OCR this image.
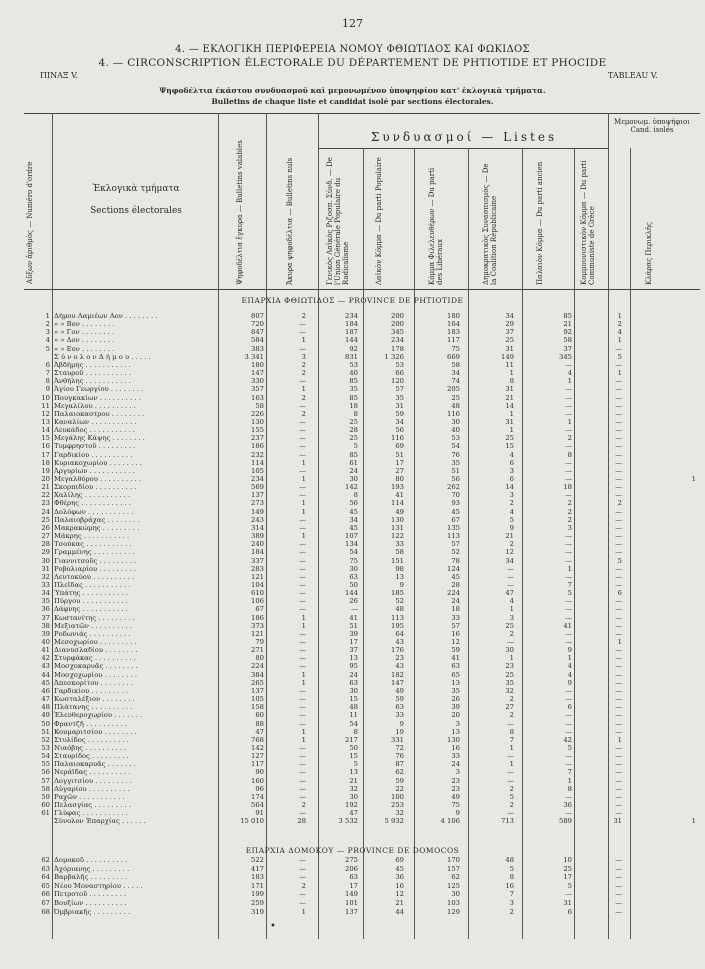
127
4. — ΕΚΛΟΓΙΚΗ ΠΕΡΙΦΕΡΕΙΑ ΝΟΜΟΥ ΦΘΙΩΤΙΔΟΣ ΚΑΙ ΦΩΚΙΔΟΣ
4. — CIRCONSCRIPTION ÉLECTORALE DU DÉPARTEMENT DE PHTIOTIDE ET PHOCIDE
ΠΙΝΑΞ V.	TABLEAU V.
Ψηφοδέλτια έκάστου συνδυασμοῦ καὶ μεμονωμένου ὑποψηφίου κατ' ἐκλογικὰ τμήματα.
Bulletins de chaque liste et candidat isolé par sections électorales.
Αὔξων ἀριθμὸς — Numéro d'ordre	Ἐκλογικὰ τμήματα
Sections électorales	Ψηφοδέλτια ἔγκυρα — Bulletins valables	Ἄκυρα ψηφοδέλτια — Bulletins nuls
Συνδυασμοί — Listes
Μεμονωμ. ὑποψήφιοι Cand. isolés
Γενικὸς Λαϊκὸς Ριζοσπ. Σύνδ. — De l'Union Générale Populaire du Radicalisme	Λαϊκὸν Κόμμα — Du parti Populaire	Κόμμα Φιλελευθέρων — Du parti des Libéraux	Δημοκρατικὸς Συνασπισμὸς — De la Coalition Républicaine	Παλαιὸν Κόμμα — Du parti ancien	Κομμουνιστικὸν Κόμμα — Du parti Communiste de Grèce	Κλάρας Περικλῆς
ΕΠΑΡΧΙΑ ΦΘΙΩΤΙΔΟΣ — PROVINCE DE PHTIOTIDE
1 Δήμου Λαμιέων Αον . . . . . . . .	807	2	234	200	180	34	85	1
2 » » Βον . . . . . . . .	720	—	184	200	164	29	21	2
3 » » Γον . . . . . . . .	847	—	187	345	183	37	92	4
4 » » Δον . . . . . . . .	584	1	144	234	117	25	58	1
5 » » Εον . . . . . . . .	383	—	92	178	75	31	37	—
Σ ύ ν ο λ ο ν Δ ή μ ο υ . . . . .	3 341	3	831	1 326	669	149	345	5
6 Ἀβδήμης . . . . . . . . . . .	180	2	53	53	58	11	—	—
7 Σταυροῦ . . . . . . . . . . .	147	2	40	66	34	1	4	1
8 Ἀνθήλης . . . . . . . . . . .	330	—	85	120	74	8	1	—
9 Ἁγίου Γεωργίου . . . . . . . .	357	1	35	57	205	31	—	—
10 Πουγκακίων . . . . . . . . . .	163	2	85	35	25	21	—	—
11 Μεγαλίλου . . . . . . . . . .	58	—	18	31	48	14	—	—
12 Παλαιοκαστρου . . . . . . . .	226	2	8	59	116	1	—	—
13 Καναλίων . . . . . . . . . . .	130	—	25	34	30	31	1	—
14 Λευκάδος . . . . . . . . . . .	155	—	28	56	40	1	—	—
15 Μεγάλης Κάψης . . . . . . . .	237	—	25	116	53	25	2	—
16 Τυμφρηστοῦ . . . . . . . . .	186	—	5	69	54	15	—	—
17 Γαρδικίου . . . . . . . . . .	232	—	85	51	76	4	8	—
18 Κυριακοχωρίου . . . . . . . .	114	1	61	17	35	6	—	—
19 Ἀργυρίων . . . . . . . . . . .	105	—	24	27	51	3	—	—
20 Μεγαλθόρου . . . . . . . . . .	234	1	30	80	56	6	—	—	1
21 Σκορπιδίου . . . . . . . . . .	569	—	142	193	262	14	18	—
22 Χαλίλης . . . . . . . . . . .	137	—	8	41	70	3	—	—
23 Φθέρης . . . . . . . . . . . .	273	1	56	114	93	2	2	2
24 Δολόφων . . . . . . . . . . .	149	1	45	49	45	4	2	—
25 Παλαιοβράχας . . . . . . . .	243	—	34	130	67	5	2	—
26 Μακρακώμης . . . . . . . . .	314	—	45	131	135	9	3	—
27 Μάκρης . . . . . . . . . . .	389	1	107	122	113	21	—	—
28 Τσούκας . . . . . . . . . . .	240	—	134	33	57	2	—	—
29 Γραμμένης . . . . . . . . . .	184	—	54	58	52	12	—	—
30 Γιαννιτσοῦς . . . . . . . . .	337	—	75	151	78	34	—	5
31 Ροβολιαρίου . . . . . . . . .	283	—	30	98	124	—	1	—
32 Λευτοκύου . . . . . . . . . .	121	—	63	13	45	—	—	—
33 Πλεΐδας . . . . . . . . . . .	104	—	50	9	28	—	7	—
34 Ὑπάτης . . . . . . . . . . .	610	—	144	185	224	47	5	6
35 Πύργου . . . . . . . . . . .	106	—	26	52	24	4	—	—
36 Δάφνης . . . . . . . . . . .	67	—	—	48	18	1	—	—
37 Κωστανίτης . . . . . . . . .	186	1	41	113	33	3	—	—
38 Μεξιατῶν . . . . . . . . . .	373	1	51	195	57	25	41	—
39 Ροδωνιάς . . . . . . . . . .	121	—	39	64	16	2	—	—
40 Μεσοχωρίου . . . . . . . . .	79	—	17	43	12	—	—	1
41 Διανυσλαδίου . . . . . . . .	271	—	37	176	59	30	9	—
42 Στυρφάκας . . . . . . . . . .	80	—	13	23	41	1	1	—
43 Μοσχοκαρυᾶς . . . . . . . .	224	—	95	43	63	23	4	—
44 Μοσχοχωρίου . . . . . . . .	384	1	24	182	65	25	4	—
45 Ἀπεσκορίτου . . . . . . . .	265	1	63	147	13	35	9	—
46 Γαρδικίου . . . . . . . . .	137	—	30	49	35	32	—	—
47 Κωσταλέξιον . . . . . . . .	105	—	15	59	26	2	—	—
48 Πλάτανης . . . . . . . . . .	158	—	48	63	39	27	6	—
49 Ἐλευθεροχωρίου . . . . . . .	60	—	11	33	20	2	—	—
50 Φραντζῆ . . . . . . . . . .	88	—	54	9	3	—	—	—
51 Κουμαριτσίου . . . . . . . .	47	1	8	19	13	8	—	—
52 Στυλίδος . . . . . . . . . .	768	1	217	331	130	7	42	1
53 Νιαόβης . . . . . . . . . .	142	—	50	72	16	1	5	—
54 Σταυρίδος . . . . . . . . .	127	—	15	76	33	—	—	—
55 Παλαιοκαρυᾶς . . . . . . .	117	—	5	87	24	1	—	—
56 Νεράϊδας . . . . . . . . . .	90	—	13	62	3	—	7	—
57 Λογγιτσίου . . . . . . . . .	160	—	21	59	23	—	1	—
58 Αὐγαρίου . . . . . . . . . .	96	—	32	22	23	2	8	—
59 Ραχῶν . . . . . . . . . . .	174	—	30	100	49	5	—	—
60 Πελασγίας . . . . . . . . .	564	2	192	253	75	2	36	—
61 Γλύφας . . . . . . . . . . .	91	—	47	32	9	—	—	—
Σύνολον Ἐπαρχίας . . . . . .	15 010	28	3 532	5 932	4 106	713	589	31	1
ΕΠΑΡΧΙΑ ΔΟΜΟΚΟΥ — PROVINCE DE DOMOCOS
62 Δομοκοῦ . . . . . . . . . .	522	—	275	69	170	48	10	—
63 Ἀχόριανης . . . . . . . . .	417	—	206	45	157	5	25	—
64 Βαρβαλῆς . . . . . . . . .	183	—	63	36	62	8	17	—
65 Νέου Μοναστηρίου . . . . .	171	2	17	16	125	16	5	—
66 Πετροτοῦ . . . . . . . . .	199	—	149	12	30	7	—	—
67 Βουξίων . . . . . . . . . .	259	—	101	21	103	3	31	—
68 Ὀμβριακῆς . . . . . . . . .	319	1	137	44	129	2	6	—
•
